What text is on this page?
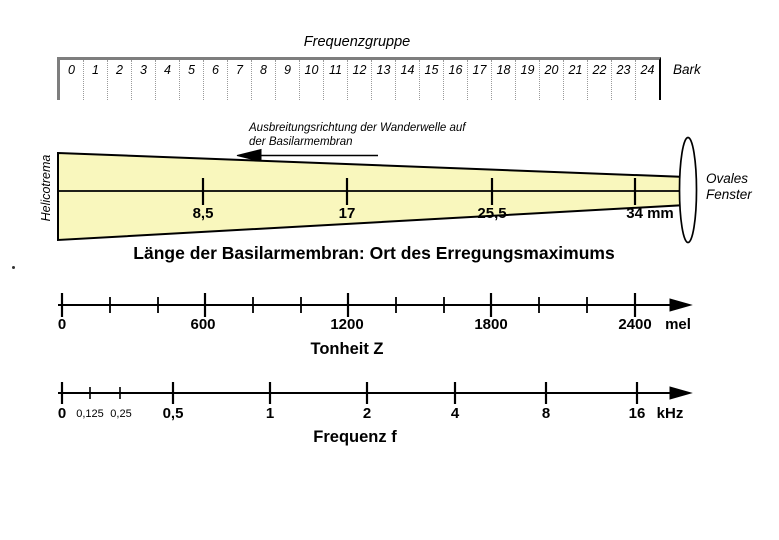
Frequenzgruppe
0	1	2	3	4	5	6	7	8	9	10 11 12 13 14 15 16 17 18 19 20 21 22 23 24	Bark
Helicotrema
Ausbreitungsrichtung der Wanderwelle auf
der Basilarmembran
8,5	17	25,5	34 mm
Ovales
Fenster
Länge der Basilarmembran: Ort des Erregungsmaximums
0	600	1200	1800	2400 mel
Tonheit Z
0 0,125 0,25 0,5	1	2	4	8	16 kHz
Frequenz f
